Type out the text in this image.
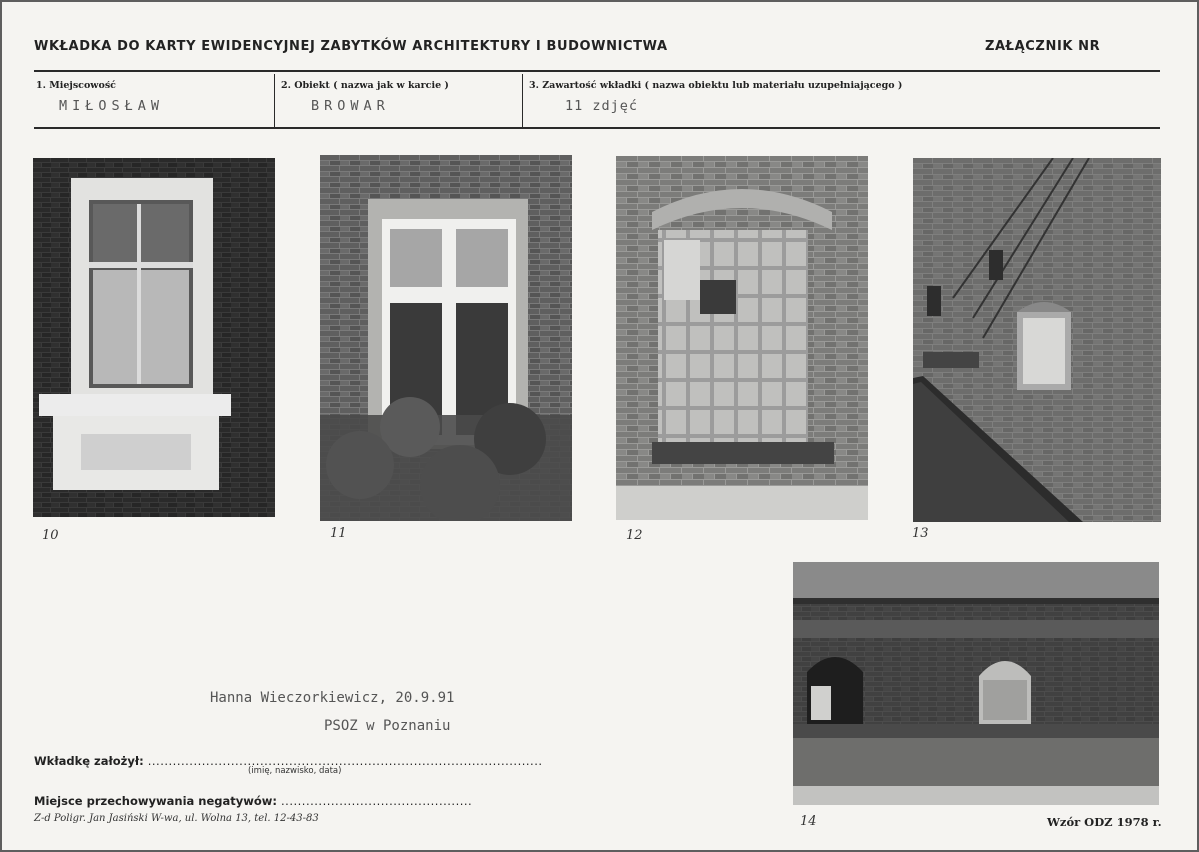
WKŁADKA DO KARTY EWIDENCYJNEJ ZABYTKÓW ARCHITEKTURY I BUDOWNICTWA	ZAŁĄCZNIK NR
1. Miejscowość
MIŁOSŁAW
2. Obiekt ( nazwa jak w karcie )
BROWAR
3. Zawartość wkładki ( nazwa obiektu lub materiału uzupełniającego )
11 zdjęć
10	11	12	13
14
Hanna Wieczorkiewicz, 20.9.91
PSOZ w Poznaniu
Wkładkę założył: ...............................................................................................
(imię, nazwisko, data)
Miejsce przechowywania negatywów: ..............................................
Z-d Poligr. Jan Jasiński W-wa, ul. Wolna 13, tel. 12-43-83	Wzór ODZ 1978 r.
